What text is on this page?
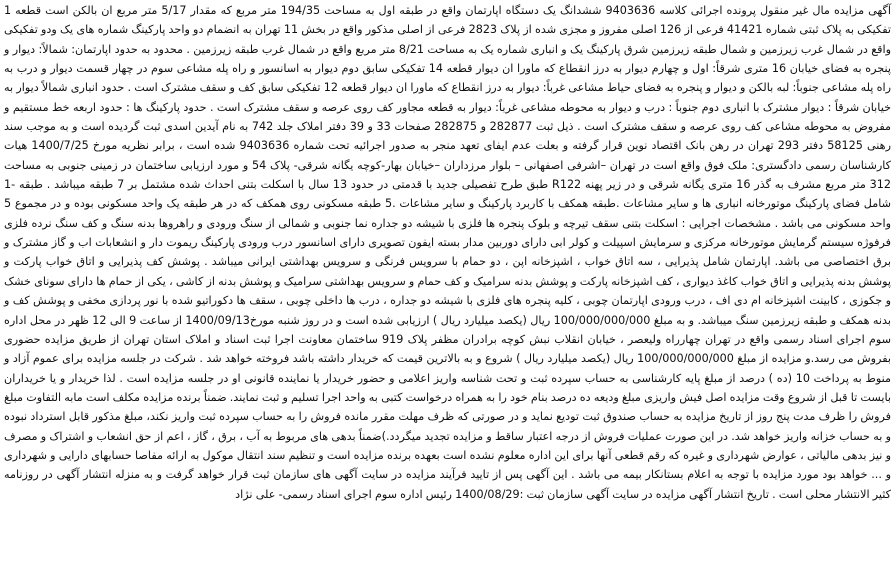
آگهی مزایده مال غیر منقول پرونده اجرائی کلاسه 9403636 ششدانگ یک دستگاه اپارتمان واقع در طبقه اول به مساحت 194/35 متر مربع که مقدار 5/17 متر مربع ان بالکن است قطعه 1 تفکیکی به پلاک ثبتی شماره 41421 فرعی از 126 اصلی مفروز و مجزی شده از پلاک 2823 فرعی از اصلی مذکور واقع در بخش 11 تهران به انضمام دو واحد پارکینگ شماره های یک ودو تفکیکی واقع در شمال غرب زیرزمین و شمال طبقه زیرزمین شرق پارکینگ یک و انباری شماره یک به مساحت 8/21 متر مربع واقع در شمال غرب طبقه زیرزمین . محدود به حدود اپارتمان: شمالاً: دیوار و پنجره به فضای خیابان 16 متری شرقاً: اول و چهارم دیوار به درز انقطاع که ماورا ان دیوار قطعه 14 تفکیکی سابق دوم دیوار به اسانسور و راه پله مشاعی سوم در چهار قسمت دیوار و درب به راه پله مشاعی جنوباً: لبه بالکن و دیوار و پنجره به فضای حیاط مشاعی غرباً: دیوار به درز انقطاع که ماورا ان دیوار قطعه 12 تفکیکی سابق کف و سقف مشترک است . حدود انباری شمالاً دیوار به خیابان شرقاً : دیوار مشترک با انباری دوم جنوباً : درب و دیوار به محوطه مشاعی غرباً: دیوار به قطعه مجاور کف روی عرصه و سقف مشترک است . حدود پارکینگ ها : حدود اربعه خط مستقیم و مفروض به محوطه مشاعی کف روی عرصه و سقف مشترک است . ذیل ثبت 282877 و 282875 صفحات 33 و 39 دفتر املاک جلد 742 به نام آیدین اسدی ثبت گردیده است و به موجب سند رهنی 58125 دفتر 293 تهران در رهن بانک اقتصاد نوین قرار گرفته و بعلت عدم ایفای تعهد منجر به صدور اجرائیه تحت شماره 9403636 شده است ، برابر نظریه مورخ 1400/7/25 هیات کارشناسان رسمی دادگستری: ملک فوق واقع است در تهران –اشرفی اصفهانی – بلوار مرزداران –خیابان بهار-کوچه یگانه شرقی- پلاک 54 و مورد ارزیابی ساختمان در زمینی جنوبی به مساحت 312 متر مربع مشرف به گذر 16 متری یگانه شرقی و در زیر پهنه R122 طبق طرح تفصیلی جدید با قدمتی در حدود 13 سال با اسکلت بتنی احداث شده مشتمل بر 7 طبقه میباشد . طبقه -1 شامل فضای پارکینگ موتورخانه انباری ها و سایر مشاعات .طبقه همکف با کاربرد پارکینگ و سایر مشاعات .5 طبقه مسکونی روی همکف که در هر طبقه یک واحد مسکونی بوده و در مجموع 5 واحد مسکونی می باشد . مشخصات اجرایی : اسکلت بتنی سقف تیرچه و بلوک پنجره ها فلزی با شیشه دو جداره نما جنوبی و شمالی از سنگ ورودی و راهروها بدنه سنگ و کف سنگ نرده فلزی فرفوژه سیستم گرمایش موتورخانه مرکزی و سرمایش اسپیلت و کولر ابی دارای دوربین مدار بسته ایفون تصویری دارای اسانسور درب ورودی پارکینگ ریموت دار و انشعابات اب و گاز مشترک و برق اختصاصی می باشد. اپارتمان شامل پذیرایی ، سه اتاق خواب ، اشپزخانه اپن ، دو حمام با سرویس فرنگی و سرویس بهداشتی ایرانی میباشد . پوشش کف پذیرایی و اتاق خواب پارکت و پوشش بدنه پذیرایی و اتاق خواب کاغذ دیواری ، کف اشپزخانه پارکت و پوشش بدنه سرامیک و کف حمام و سرویس بهداشتی سرامیک و پوشش بدنه از کاشی ، یکی از حمام ها دارای سونای خشک و جکوزی ، کابینت اشپزخانه ام دی اف ، درب ورودی اپارتمان چوبی ، کلیه پنجره های فلزی با شیشه دو جداره ، درب ها داخلی چوبی ، سقف ها دکوراتیو شده با نور پردازی مخفی و پوشش کف و بدنه همکف و طبقه زیرزمین سنگ میباشد. و به مبلغ 100/000/000/000 ریال (یکصد میلیارد ریال ) ارزیابی شده است و در روز شنبه مورخ1400/09/13 از ساعت 9 الی 12 ظهر در محل اداره سوم اجرای اسناد رسمی واقع در تهران چهارراه ولیعصر ، خیابان انقلاب نبش کوچه برادران مظفر پلاک 919 ساختمان معاونت اجرا ثبت اسناد و املاک استان تهران از طریق مزایده حضوری بفروش می رسد.و مزایده از مبلغ 100/000/000/000 ریال (یکصد میلیارد ریال ) شروع و به بالاترین قیمت که خریدار داشته باشد فروخته خواهد شد . شرکت در جلسه مزایده برای عموم آزاد و منوط به پرداخت 10 (ده ) درصد از مبلغ پایه کارشناسی به حساب سپرده ثبت و تحت شناسه واریز اعلامی و حضور خریدار یا نماینده قانونی او در جلسه مزایده است . لذا خریدار و یا خریداران بایست تا قبل از شروع وقت مزایده اصل فیش واریزی مبلغ ودیعه ده درصد بنام خود را به همراه درخواست کتبی به واحد اجرا تسلیم و ثبت نمایند. ضمناً برنده مزایده مکلف است مابه التفاوت مبلغ فروش را ظرف مدت پنج روز از تاریخ مزایده به حساب صندوق ثبت تودیع نماید و در صورتی که ظرف مهلت مقرر مانده فروش را به حساب سپرده ثبت واریز نکند، مبلغ مذکور قابل استرداد نبوده و به حساب خزانه واریز خواهد شد. در این صورت عملیات فروش از درجه اعتبار ساقط و مزایده تجدید میگردد.)ضمناً بدهی های مربوط به آب ، برق ، گاز ، اعم از حق انشعاب و اشتراک و مصرف و نیز بدهی مالیاتی ، عوارض شهرداری و غیره که رقم قطعی آنها برای این اداره معلوم نشده است بعهده برنده مزایده است و تنظیم سند انتقال موکول به ارائه مفاصا حسابهای دارایی و شهرداری و ... خواهد بود مورد مزایده با توجه به اعلام بستانکار بیمه می باشد . این آگهی پس از تایید فرآیند مزایده در سایت آگهی های سازمان ثبت قرار خواهد گرفت و به منزله انتشار آگهی در روزنامه کثیر الانتشار محلی است . تاریخ انتشار آگهی مزایده در سایت آگهی سازمان ثبت :1400/08/29 رئیس اداره سوم اجرای اسناد رسمی- علی نژاد
